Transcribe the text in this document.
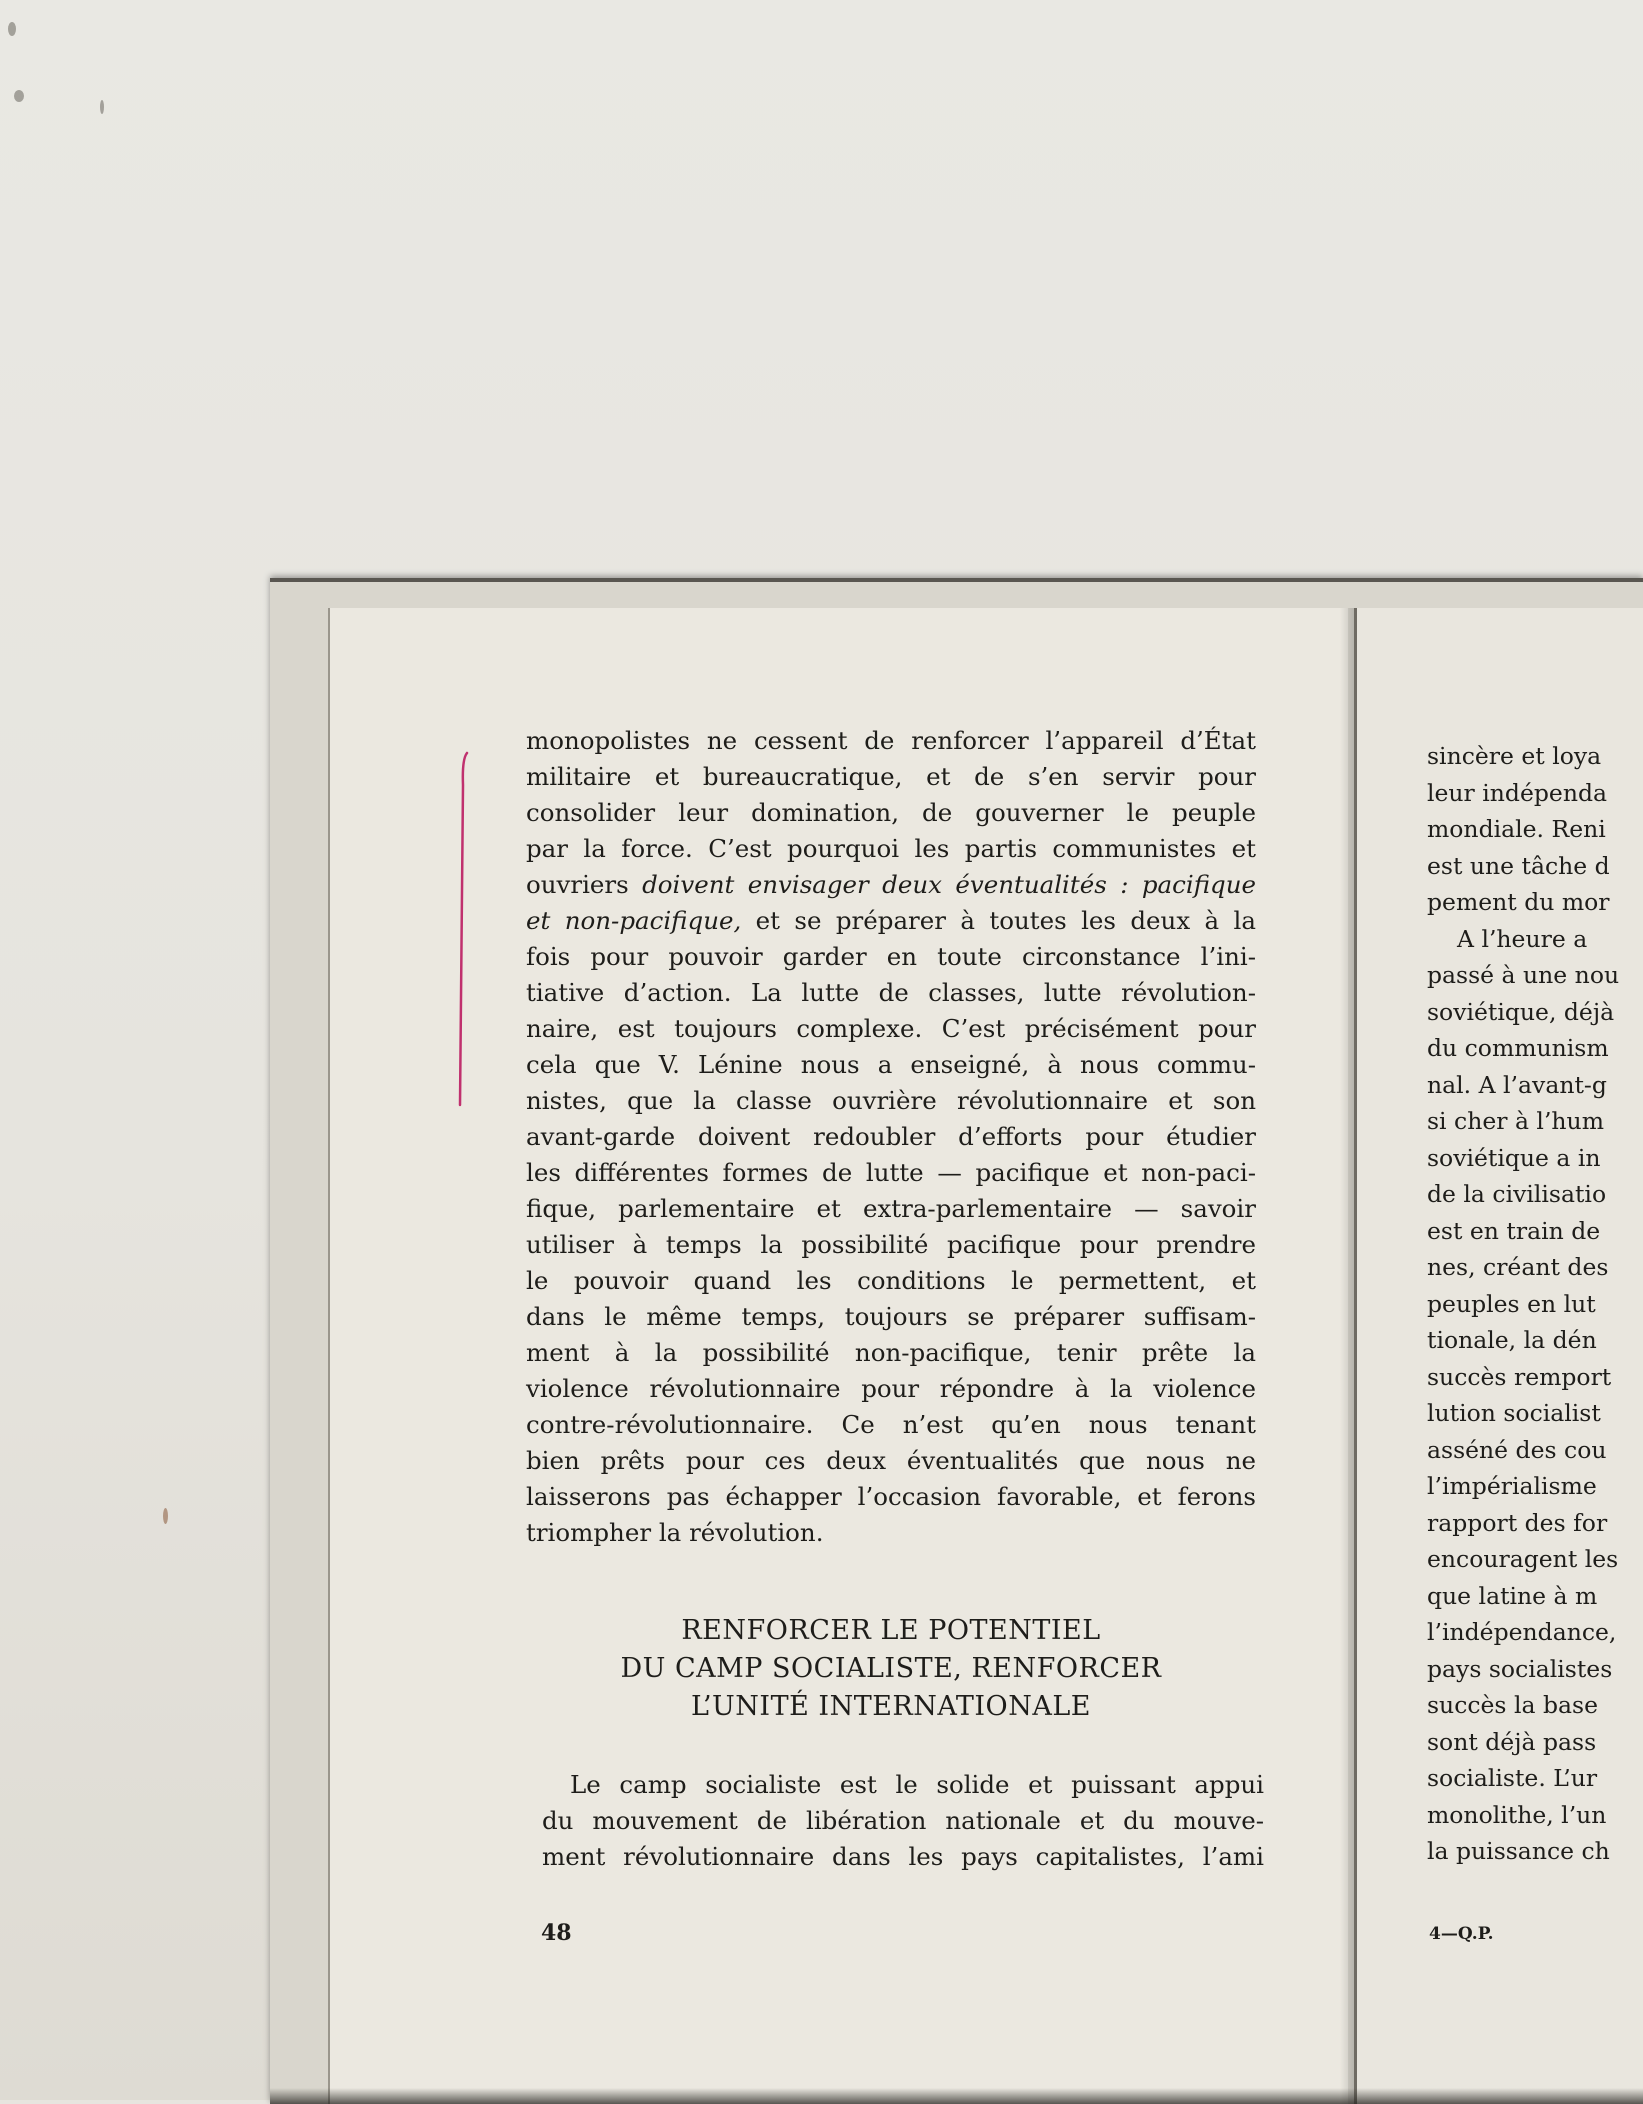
monopolistes ne cessent de renforcer l’appareil d’État
militaire et bureaucratique, et de s’en servir pour
consolider leur domination, de gouverner le peuple
par la force. C’est pourquoi les partis communistes et
ouvriers doivent envisager deux éventualités : pacifique
et non-pacifique, et se préparer à toutes les deux à la
fois pour pouvoir garder en toute circonstance l’ini-
tiative d’action. La lutte de classes, lutte révolution-
naire, est toujours complexe. C’est précisément pour
cela que V. Lénine nous a enseigné, à nous commu-
nistes, que la classe ouvrière révolutionnaire et son
avant-garde doivent redoubler d’efforts pour étudier
les différentes formes de lutte — pacifique et non-paci-
fique, parlementaire et extra-parlementaire — savoir
utiliser à temps la possibilité pacifique pour prendre
le pouvoir quand les conditions le permettent, et
dans le même temps, toujours se préparer suffisam-
ment à la possibilité non-pacifique, tenir prête la
violence révolutionnaire pour répondre à la violence
contre-révolutionnaire. Ce n’est qu’en nous tenant
bien prêts pour ces deux éventualités que nous ne
laisserons pas échapper l’occasion favorable, et ferons
triompher la révolution.
RENFORCER LE POTENTIEL
DU CAMP SOCIALISTE, RENFORCER
L’UNITÉ INTERNATIONALE
Le camp socialiste est le solide et puissant appui
du mouvement de libération nationale et du mouve-
ment révolutionnaire dans les pays capitalistes, l’ami
48
sincère et loya
leur indépenda
mondiale. Reni
est une tâche d
pement du mor
A l’heure a
passé à une nou
soviétique, déjà
du communism
nal. A l’avant-g
si cher à l’hum
soviétique a in
de la civilisatio
est en train de
nes, créant des
peuples en lut
tionale, la dén
succès remport
lution socialist
asséné des cou
l’impérialisme
rapport des for
encouragent les
que latine à m
l’indépendance,
pays socialistes
succès la base
sont déjà pass
socialiste. L’ur
monolithe, l’un
la puissance ch
4—Q.P.
